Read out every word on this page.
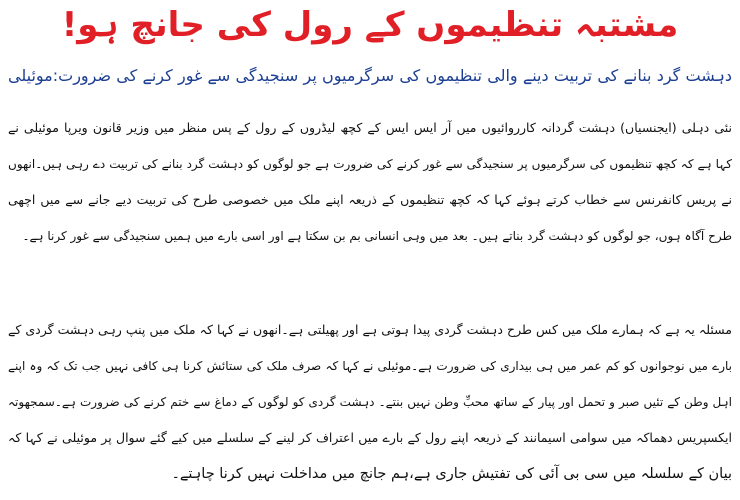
مشتبہ تنظیموں کے رول کی جانچ ہو!
دہشت گرد بنانے کی تربیت دینے والی تنظیموں کی سرگرمیوں پر سنجیدگی سے غور کرنے کی ضرورت:موئیلی
نئی دہلی (ایجنسیاں) دہشت گردانہ کارروائیوں میں آر ایس ایس کے کچھ لیڈروں کے رول کے پس منظر میں وزیر قانون ویرپا موئیلی نے
کہا ہے کہ کچھ تنظیموں کی سرگرمیوں پر سنجیدگی سے غور کرنے کی ضرورت ہے جو لوگوں کو دہشت گرد بنانے کی تربیت دے رہی ہیں۔انھوں
نے پریس کانفرنس سے خطاب کرتے ہوئے کہا کہ کچھ تنظیموں کے ذریعہ اپنے ملک میں خصوصی طرح کی تربیت دیے جانے سے میں اچھی
طرح آگاہ ہوں، جو لوگوں کو دہشت گرد بناتے ہیں۔ بعد میں وہی انسانی بم بن سکتا ہے اور اسی بارے میں ہمیں سنجیدگی سے غور کرنا ہے۔
مسئلہ یہ ہے کہ ہمارے ملک میں کس طرح دہشت گردی پیدا ہوتی ہے اور پھیلتی ہے۔انھوں نے کہا کہ ملک میں پنپ رہی دہشت گردی کے
بارے میں نوجوانوں کو کم عمر میں ہی بیداری کی ضرورت ہے۔موئیلی نے کہا کہ صرف ملک کی ستائش کرنا ہی کافی نہیں جب تک کہ وہ اپنے
اہل وطن کے تئیں صبر و تحمل اور پیار کے ساتھ محبِّ وطن نہیں بنتے۔ دہشت گردی کو لوگوں کے دماغ سے ختم کرنے کی ضرورت ہے۔سمجھوتہ
ایکسپریس دھماکہ میں سوامی اسیمانند کے ذریعہ اپنے رول کے بارے میں اعتراف کر لینے کے سلسلے میں کیے گئے سوال پر موئیلی نے کہا کہ
بیان کے سلسلہ میں سی بی آئی کی تفتیش جاری ہے،ہم جانچ میں مداخلت نہیں کرنا چاہتے۔
